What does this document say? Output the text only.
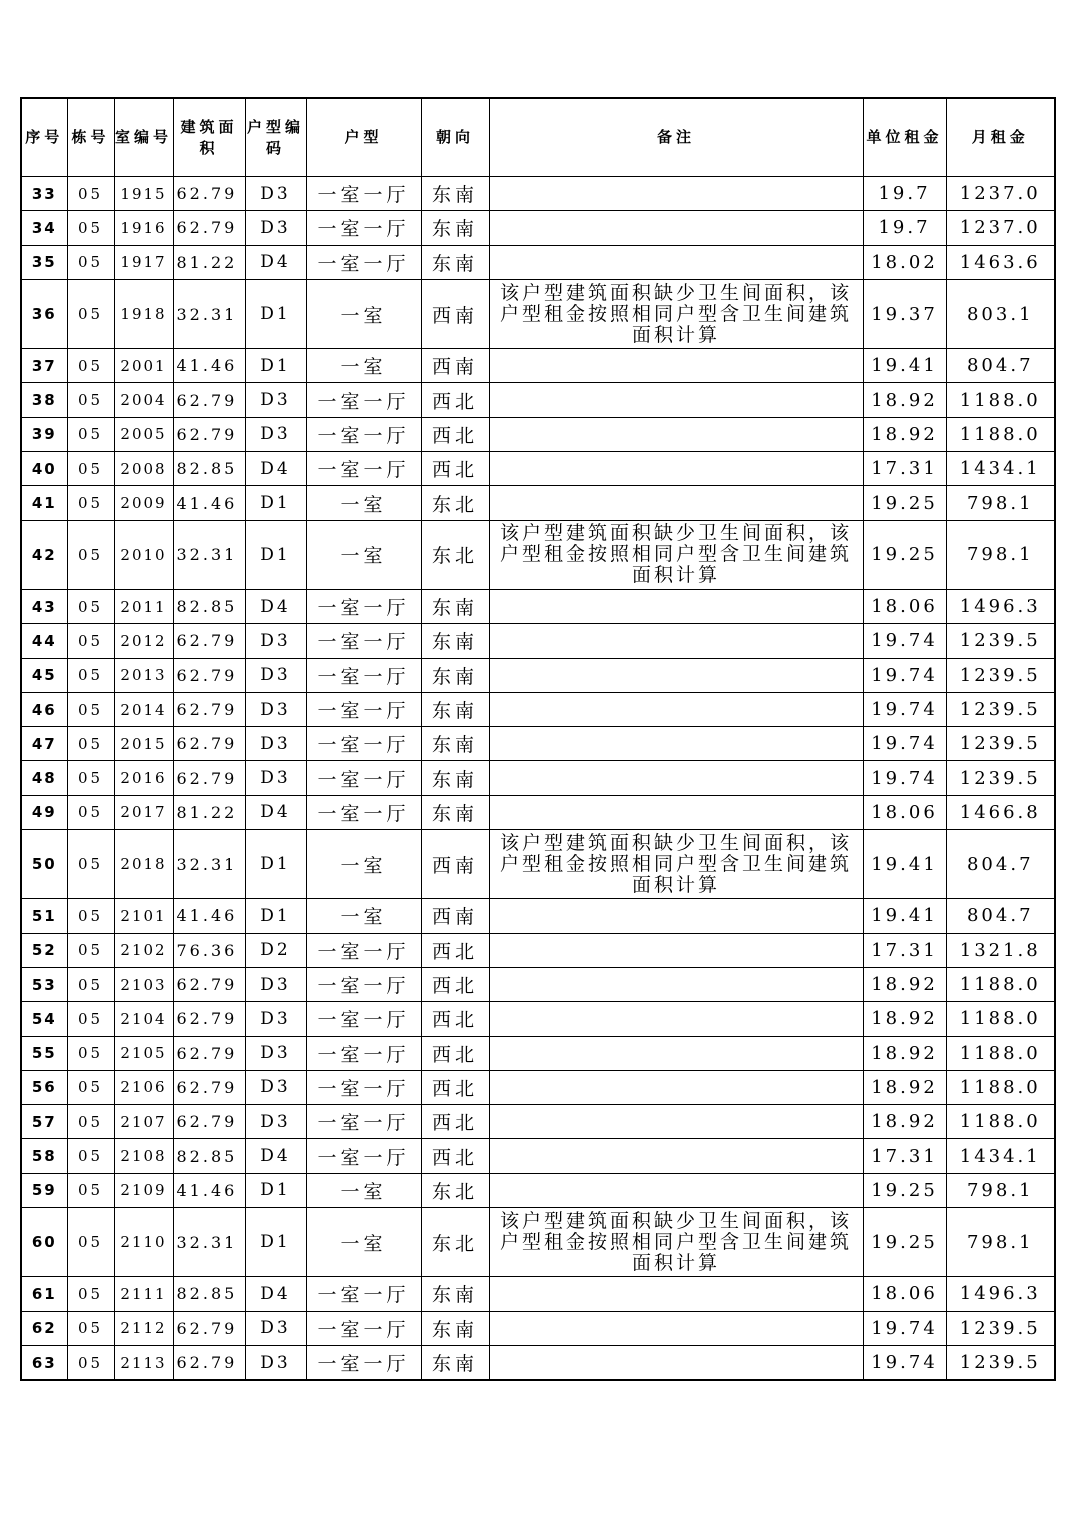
序号	栋号	室编号	建筑面积	户型编码	户型	朝向	备注	单位租金	月租金
33	05	1915	62.79	D3	一室一厅	东南		19.7	1237.0
34	05	1916	62.79	D3	一室一厅	东南		19.7	1237.0
35	05	1917	81.22	D4	一室一厅	东南		18.02	1463.6
36	05	1918	32.31	D1	一室	西南	该户型建筑面积缺少卫生间面积，该户型租金按照相同户型含卫生间建筑面积计算	19.37	803.1
37	05	2001	41.46	D1	一室	西南		19.41	804.7
38	05	2004	62.79	D3	一室一厅	西北		18.92	1188.0
39	05	2005	62.79	D3	一室一厅	西北		18.92	1188.0
40	05	2008	82.85	D4	一室一厅	西北		17.31	1434.1
41	05	2009	41.46	D1	一室	东北		19.25	798.1
42	05	2010	32.31	D1	一室	东北	该户型建筑面积缺少卫生间面积，该户型租金按照相同户型含卫生间建筑面积计算	19.25	798.1
43	05	2011	82.85	D4	一室一厅	东南		18.06	1496.3
44	05	2012	62.79	D3	一室一厅	东南		19.74	1239.5
45	05	2013	62.79	D3	一室一厅	东南		19.74	1239.5
46	05	2014	62.79	D3	一室一厅	东南		19.74	1239.5
47	05	2015	62.79	D3	一室一厅	东南		19.74	1239.5
48	05	2016	62.79	D3	一室一厅	东南		19.74	1239.5
49	05	2017	81.22	D4	一室一厅	东南		18.06	1466.8
50	05	2018	32.31	D1	一室	西南	该户型建筑面积缺少卫生间面积，该户型租金按照相同户型含卫生间建筑面积计算	19.41	804.7
51	05	2101	41.46	D1	一室	西南		19.41	804.7
52	05	2102	76.36	D2	一室一厅	西北		17.31	1321.8
53	05	2103	62.79	D3	一室一厅	西北		18.92	1188.0
54	05	2104	62.79	D3	一室一厅	西北		18.92	1188.0
55	05	2105	62.79	D3	一室一厅	西北		18.92	1188.0
56	05	2106	62.79	D3	一室一厅	西北		18.92	1188.0
57	05	2107	62.79	D3	一室一厅	西北		18.92	1188.0
58	05	2108	82.85	D4	一室一厅	西北		17.31	1434.1
59	05	2109	41.46	D1	一室	东北		19.25	798.1
60	05	2110	32.31	D1	一室	东北	该户型建筑面积缺少卫生间面积，该户型租金按照相同户型含卫生间建筑面积计算	19.25	798.1
61	05	2111	82.85	D4	一室一厅	东南		18.06	1496.3
62	05	2112	62.79	D3	一室一厅	东南		19.74	1239.5
63	05	2113	62.79	D3	一室一厅	东南		19.74	1239.5
